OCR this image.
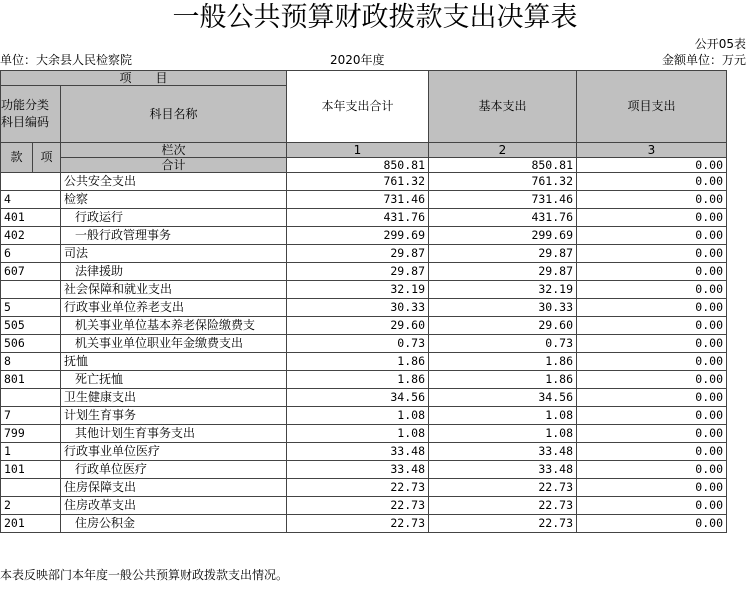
一般公共预算财政拨款支出决算表
公开05表
单位：大余县人民检察院	2020年度	金额单位：万元
项　　目			本年支出合计	基本支出	项目支出
功能分类
科目编码		科目名称			

款	项	栏次	1	2	3
		合计	850.81	850.81	0.00
		公共安全支出	761.32	761.32	0.00
4		检察	731.46	731.46	0.00
401		行政运行	431.76	431.76	0.00
402		一般行政管理事务	299.69	299.69	0.00
6		司法	29.87	29.87	0.00
607		法律援助	29.87	29.87	0.00
		社会保障和就业支出	32.19	32.19	0.00
5		行政事业单位养老支出	30.33	30.33	0.00
505		机关事业单位基本养老保险缴费支	29.60	29.60	0.00
506		机关事业单位职业年金缴费支出	0.73	0.73	0.00
8		抚恤	1.86	1.86	0.00
801		死亡抚恤	1.86	1.86	0.00
		卫生健康支出	34.56	34.56	0.00
7		计划生育事务	1.08	1.08	0.00
799		其他计划生育事务支出	1.08	1.08	0.00
1		行政事业单位医疗	33.48	33.48	0.00
101		行政单位医疗	33.48	33.48	0.00
		住房保障支出	22.73	22.73	0.00
2		住房改革支出	22.73	22.73	0.00
201		住房公积金	22.73	22.73	0.00
本表反映部门本年度一般公共预算财政拨款支出情况。
